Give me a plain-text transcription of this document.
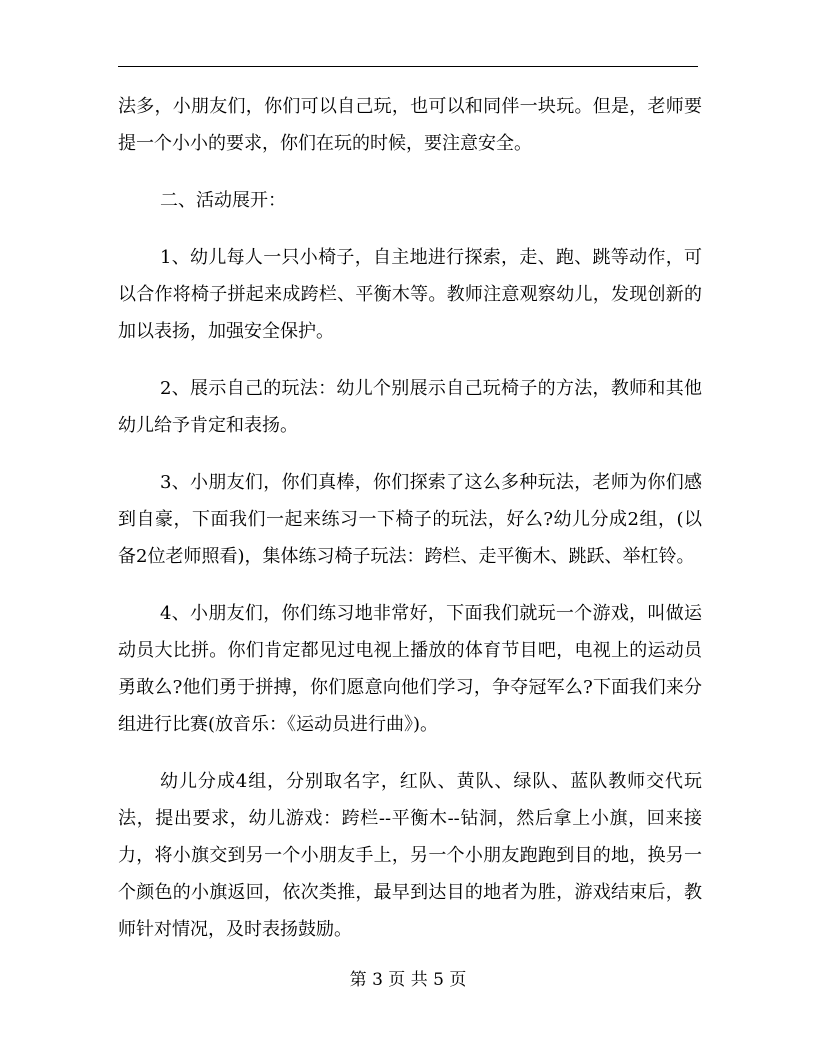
法多，小朋友们，你们可以自己玩，也可以和同伴一块玩。但是，老师要提一个小小的要求，你们在玩的时候，要注意安全。

二、活动展开：

1、幼儿每人一只小椅子，自主地进行探索，走、跑、跳等动作，可以合作将椅子拼起来成跨栏、平衡木等。教师注意观察幼儿，发现创新的加以表扬，加强安全保护。

2、展示自己的玩法：幼儿个别展示自己玩椅子的方法，教师和其他幼儿给予肯定和表扬。

3、小朋友们，你们真棒，你们探索了这么多种玩法，老师为你们感到自豪，下面我们一起来练习一下椅子的玩法，好么?幼儿分成2组，(以备2位老师照看)，集体练习椅子玩法：跨栏、走平衡木、跳跃、举杠铃。

4、小朋友们，你们练习地非常好，下面我们就玩一个游戏，叫做运动员大比拼。你们肯定都见过电视上播放的体育节目吧，电视上的运动员勇敢么?他们勇于拼搏，你们愿意向他们学习，争夺冠军么?下面我们来分组进行比赛(放音乐：《运动员进行曲》)。

幼儿分成4组，分别取名字，红队、黄队、绿队、蓝队教师交代玩法，提出要求，幼儿游戏：跨栏--平衡木--钻洞，然后拿上小旗，回来接力，将小旗交到另一个小朋友手上，另一个小朋友跑跑到目的地，换另一个颜色的小旗返回，依次类推，最早到达目的地者为胜，游戏结束后，教师针对情况，及时表扬鼓励。

第 3 页 共 5 页
